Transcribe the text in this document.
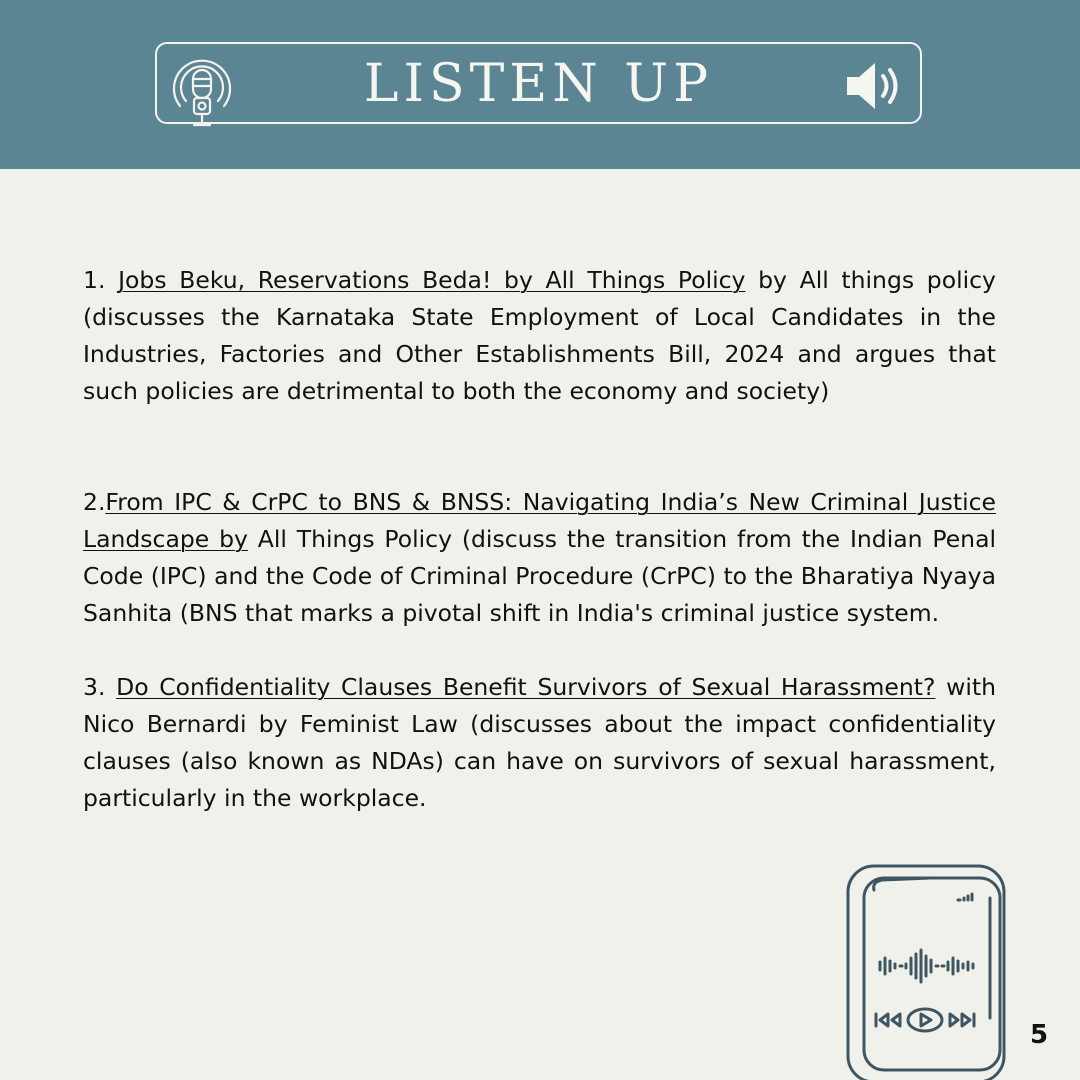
LISTEN UP

1. Jobs Beku, Reservations Beda! by All Things Policy by All things policy (discusses the Karnataka State Employment of Local Candidates in the Industries, Factories and Other Establishments Bill, 2024 and argues that such policies are detrimental to both the economy and society)

2.From IPC & CrPC to BNS & BNSS: Navigating India’s New Criminal Justice Landscape by All Things Policy (discuss the transition from the Indian Penal Code (IPC) and the Code of Criminal Procedure (CrPC) to the Bharatiya Nyaya Sanhita (BNS that marks a pivotal shift in India's criminal justice system.

3. Do Confidentiality Clauses Benefit Survivors of Sexual Harassment? with Nico Bernardi by Feminist Law (discusses about the impact confidentiality clauses (also known as NDAs) can have on survivors of sexual harassment, particularly in the workplace.

5
